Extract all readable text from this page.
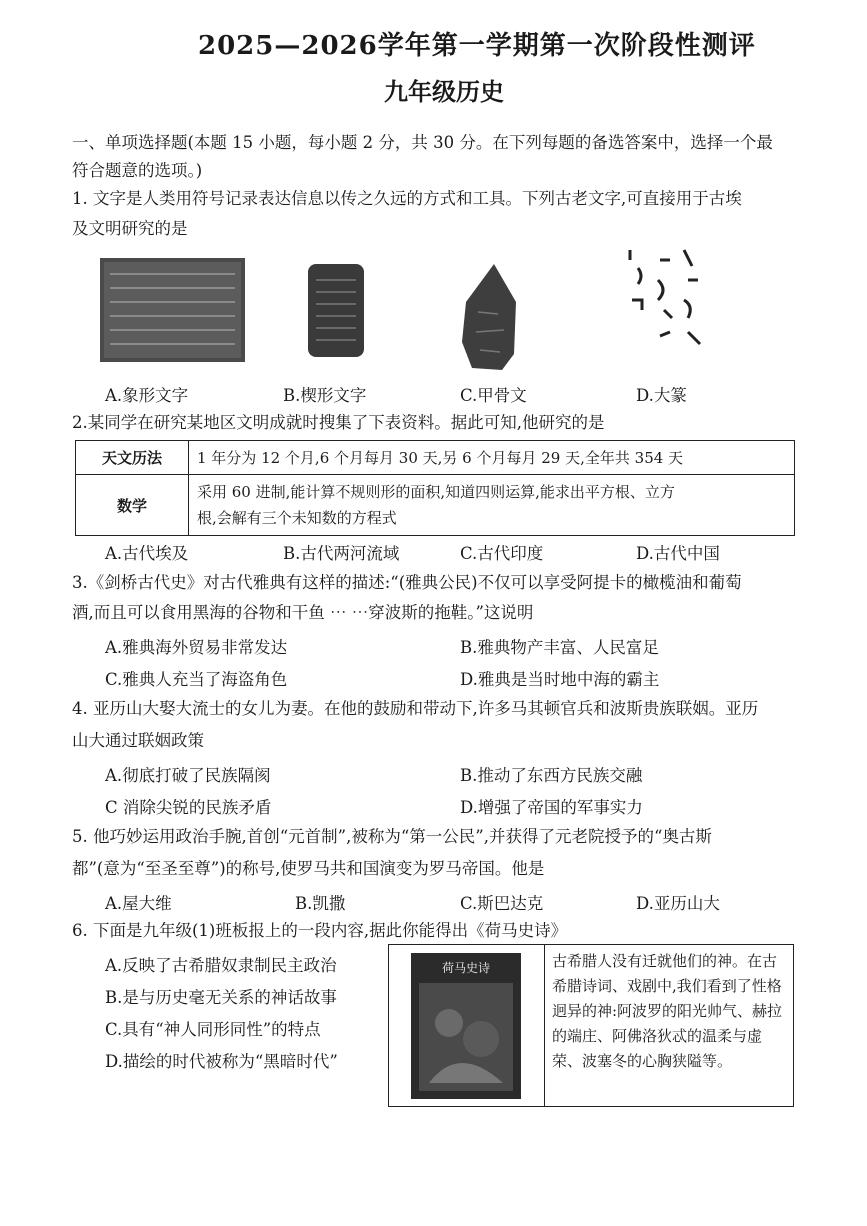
2025—2026学年第一学期第一次阶段性测评
九年级历史
一、单项选择题(本题 15 小题，每小题 2 分，共 30 分。在下列每题的备选答案中，选择一个最
符合题意的选项。)
1. 文字是人类用符号记录表达信息以传之久远的方式和工具。下列古老文字,可直接用于古埃
及文明研究的是
A.象形文字	B.楔形文字	C.甲骨文	D.大篆
2.某同学在研究某地区文明成就时搜集了下表资料。据此可知,他研究的是
天文历法	1 年分为 12 个月,6 个月每月 30 天,另 6 个月每月 29 天,全年共 354 天
数学	采用 60 进制,能计算不规则形的面积,知道四则运算,能求出平方根、立方
根,会解有三个未知数的方程式
A.古代埃及	B.古代两河流域	C.古代印度	D.古代中国
3.《剑桥古代史》对古代雅典有这样的描述:“(雅典公民)不仅可以享受阿提卡的橄榄油和葡萄
酒,而且可以食用黑海的谷物和干鱼 ⋯ ⋯穿波斯的拖鞋。”这说明
A.雅典海外贸易非常发达	B.雅典物产丰富、人民富足
C.雅典人充当了海盗角色	D.雅典是当时地中海的霸主
4. 亚历山大娶大流士的女儿为妻。在他的鼓励和带动下,许多马其顿官兵和波斯贵族联姻。亚历
山大通过联姻政策
A.彻底打破了民族隔阂	B.推动了东西方民族交融
C 消除尖锐的民族矛盾	D.增强了帝国的军事实力
5. 他巧妙运用政治手腕,首创“元首制”,被称为“第一公民”,并获得了元老院授予的“奥古斯
都”(意为“至圣至尊”)的称号,使罗马共和国演变为罗马帝国。他是
A.屋大维	B.凯撒	C.斯巴达克	D.亚历山大
6. 下面是九年级(1)班板报上的一段内容,据此你能得出《荷马史诗》
A.反映了古希腊奴隶制民主政治
B.是与历史毫无关系的神话故事
C.具有“神人同形同性”的特点
D.描绘的时代被称为“黑暗时代”
荷马史诗	古希腊人没有迁就他们的神。在古希腊诗词、戏剧中,我们看到了性格迥异的神:阿波罗的阳光帅气、赫拉的端庄、阿佛洛狄忒的温柔与虚荣、波塞冬的心胸狭隘等。
